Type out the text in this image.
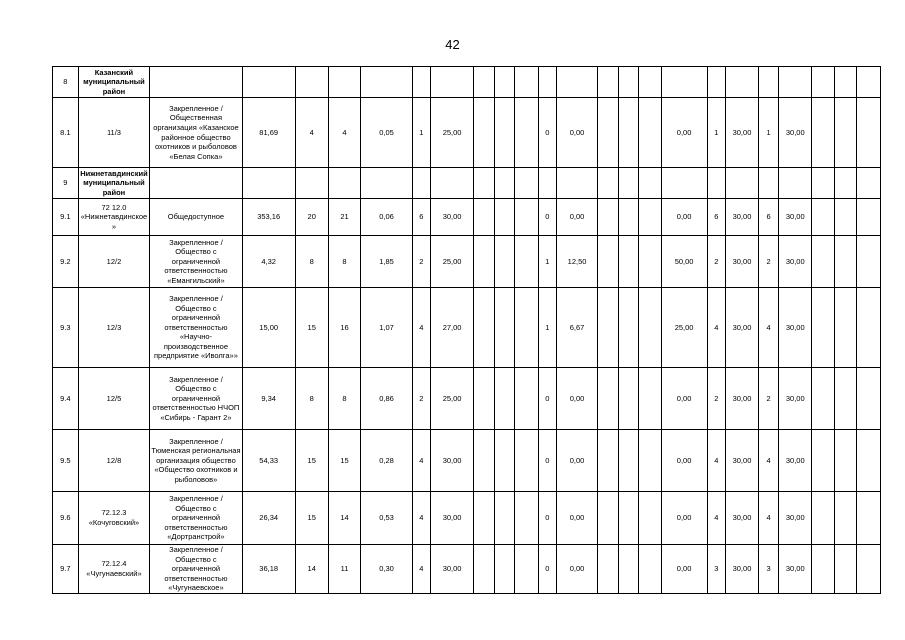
42
8	Казанский муниципальный район																							
8.1	11/3	Закрепленное / Общественная организация «Казанское районное общество охотников и рыболовов «Белая Сопка»	81,69	4	4	0,05	1	25,00				0	0,00				0,00	1	30,00	1	30,00			
9	Нижнетавдинский муниципальный район																							
9.1	72 12.0 «Нижнетавдинское »	Общедоступное	353,16	20	21	0,06	6	30,00				0	0,00				0,00	6	30,00	6	30,00			
9.2	12/2	Закрепленное / Общество с ограниченной ответственностью «Емангильский»	4,32	8	8	1,85	2	25,00				1	12,50				50,00	2	30,00	2	30,00			
9.3	12/3	Закрепленное / Общество с ограниченной ответственностью «Научно-производственное предприятие «Иволга»»	15,00	15	16	1,07	4	27,00				1	6,67				25,00	4	30,00	4	30,00			
9.4	12/5	Закрепленное / Общество с ограниченной ответственностью НЧОП «Сибирь - Гарант 2»	9,34	8	8	0,86	2	25,00				0	0,00				0,00	2	30,00	2	30,00			
9.5	12/8	Закрепленное / Тюменская региональная организация общество «Общество охотников и рыболовов»	54,33	15	15	0,28	4	30,00				0	0,00				0,00	4	30,00	4	30,00			
9.6	72.12.3 «Кочуговский»	Закрепленное / Общество с ограниченной ответственностью «Дортранстрой»	26,34	15	14	0,53	4	30,00				0	0,00				0,00	4	30,00	4	30,00			
9.7	72.12.4 «Чугунаевский»	Закрепленное / Общество с ограниченной ответственностью «Чугунаевское»	36,18	14	11	0,30	4	30,00				0	0,00				0,00	3	30,00	3	30,00			
